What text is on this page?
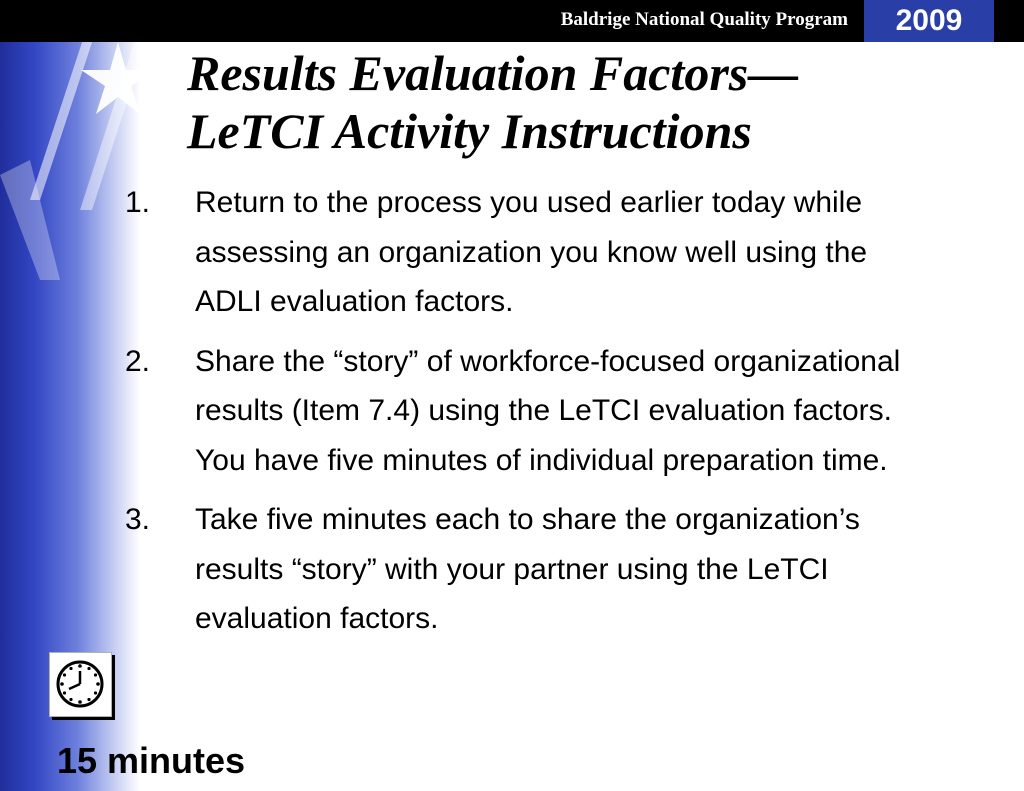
Baldrige National Quality Program	2009
Results Evaluation Factors—
LeTCI Activity Instructions
1. Return to the process you used earlier today while assessing an organization you know well using the ADLI evaluation factors.
2. Share the “story” of workforce-focused organizational results (Item 7.4) using the LeTCI evaluation factors. You have five minutes of individual preparation time.
3. Take five minutes each to share the organization’s results “story” with your partner using the LeTCI evaluation factors.
15 minutes
